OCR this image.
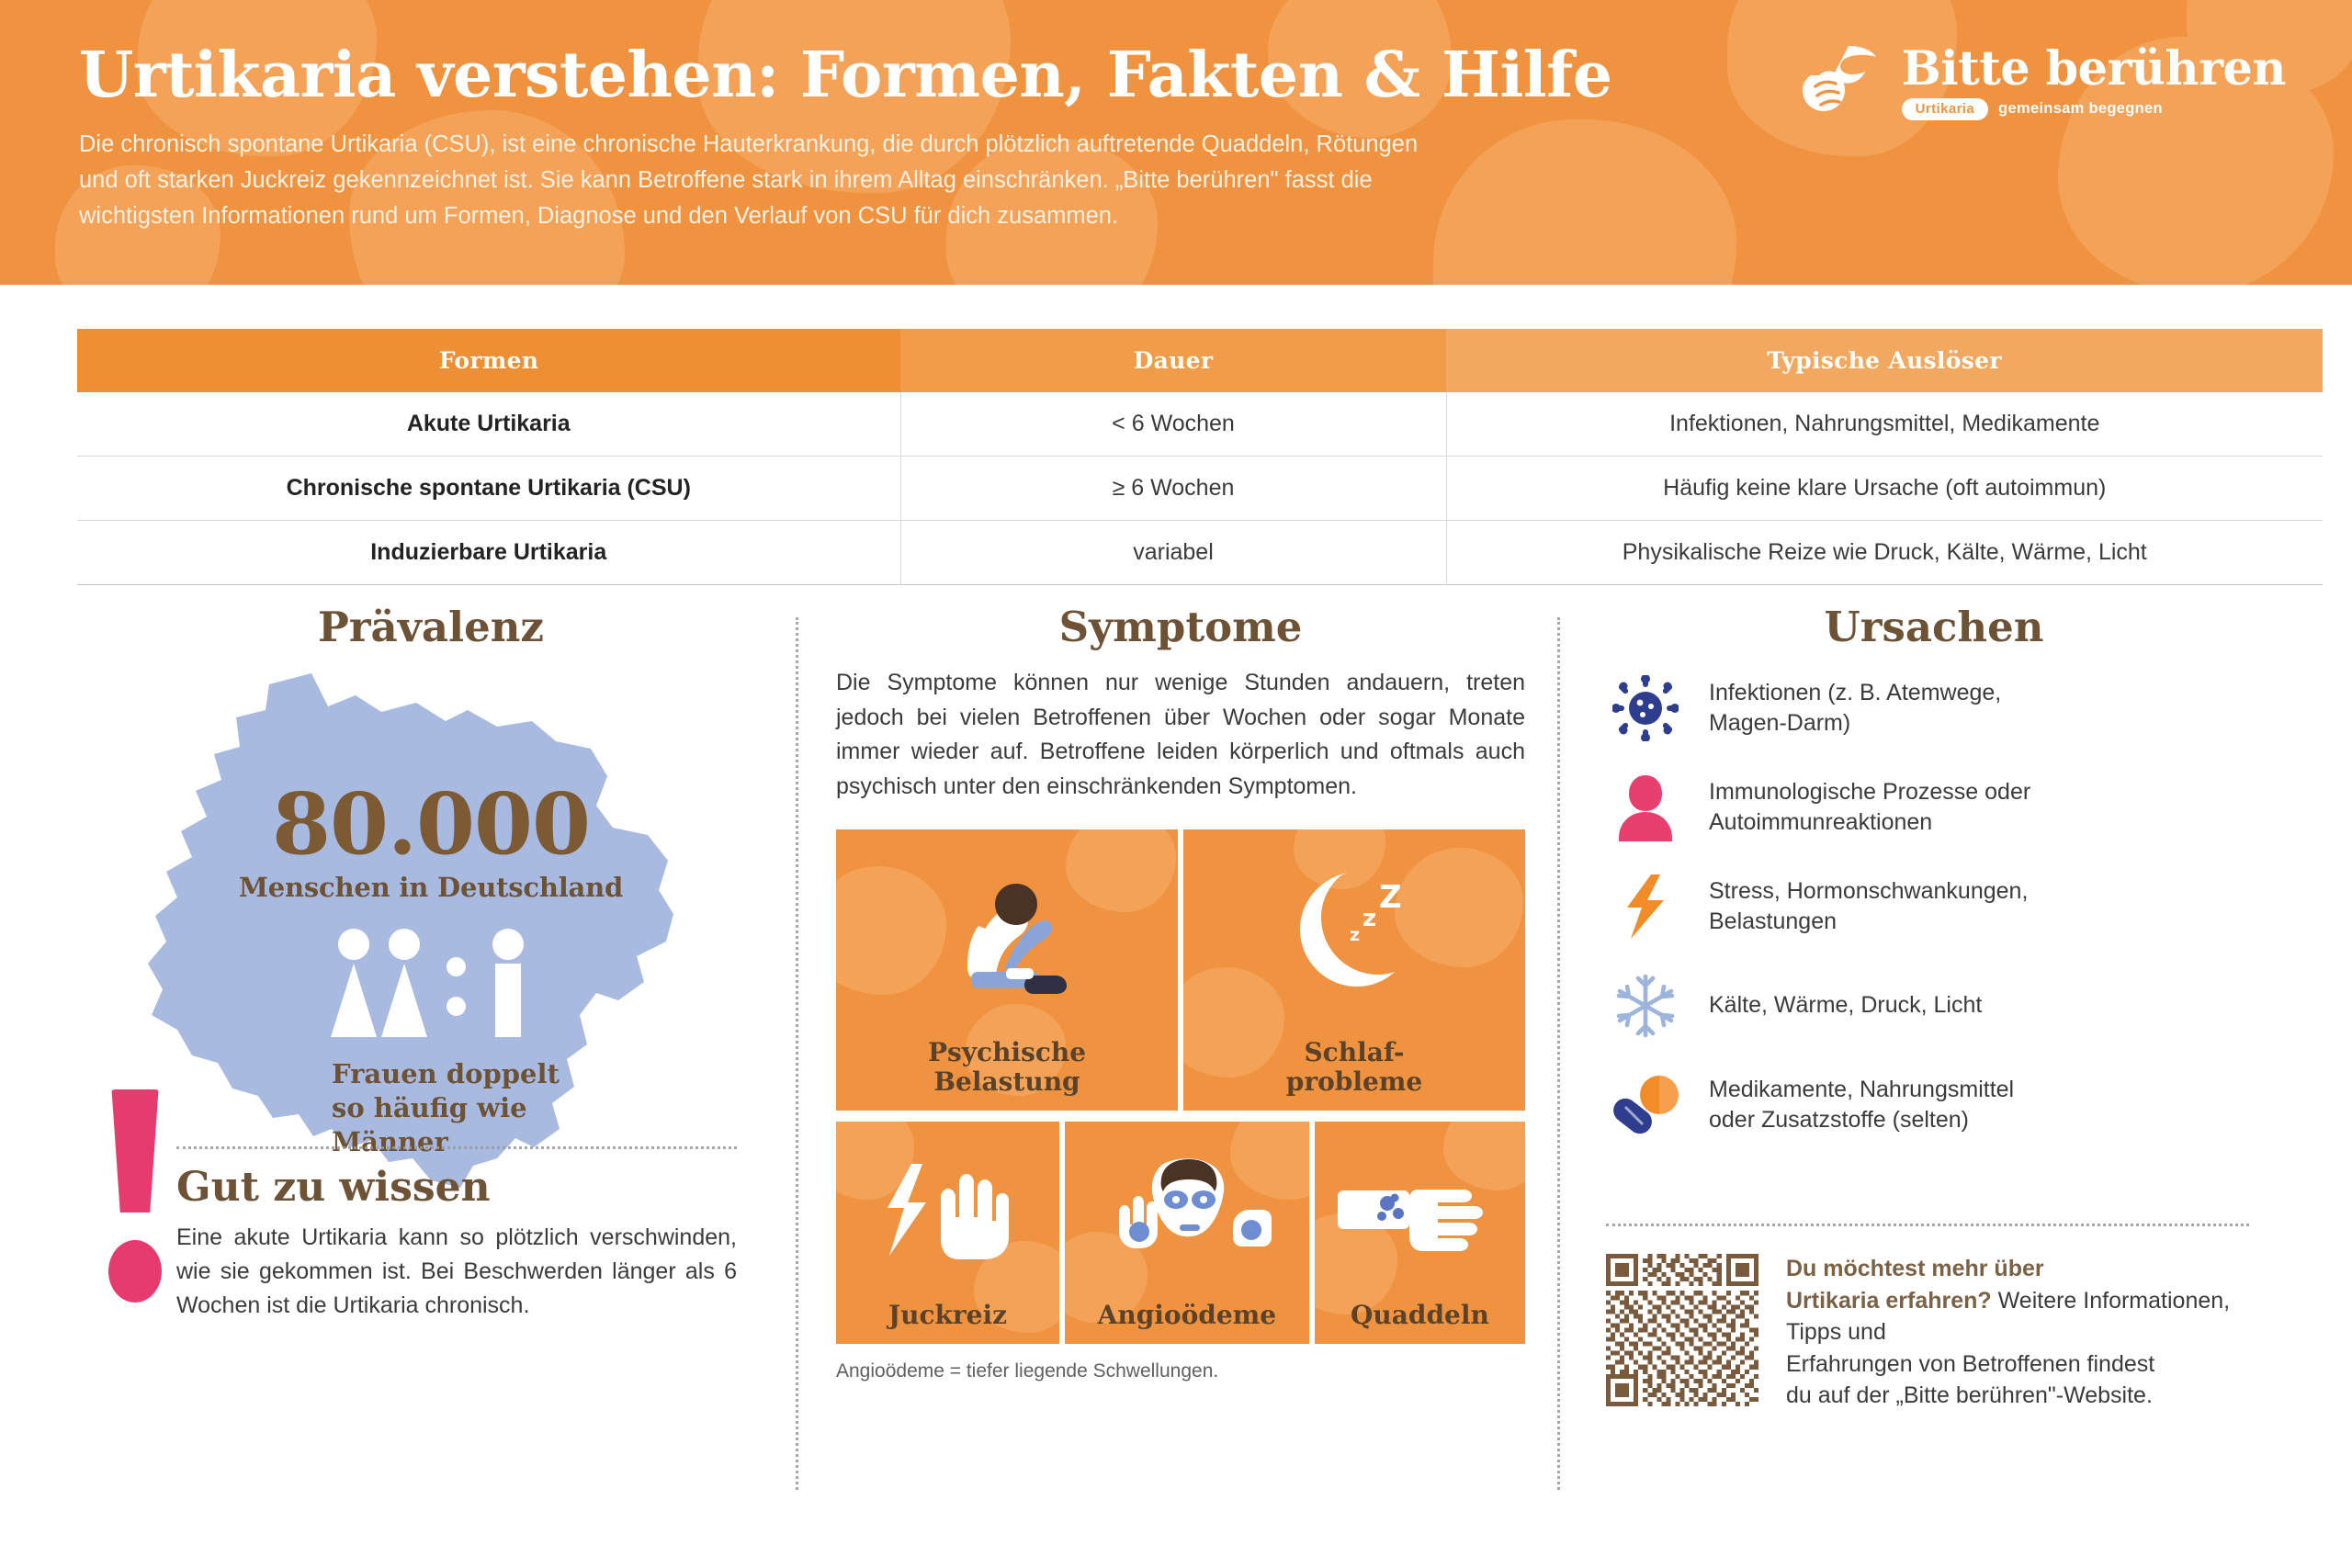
Urtikaria verstehen: Formen, Fakten & Hilfe

Die chronisch spontane Urtikaria (CSU), ist eine chronische Hauterkrankung, die durch plötzlich auftretende Quaddeln, Rötungen
und oft starken Juckreiz gekennzeichnet ist. Sie kann Betroffene stark in ihrem Alltag einschränken. „Bitte berühren" fasst die
wichtigsten Informationen rund um Formen, Diagnose und den Verlauf von CSU für dich zusammen.

Bitte berühren
Urtikaria	gemeinsam begegnen
Formen	Dauer	Typische Auslöser
Akute Urtikaria	< 6 Wochen	Infektionen, Nahrungsmittel, Medikamente
Chronische spontane Urtikaria (CSU)	≥ 6 Wochen	Häufig keine klare Ursache (oft autoimmun)
Induzierbare Urtikaria	variabel	Physikalische Reize wie Druck, Kälte, Wärme, Licht
Prävalenz
80.000
Menschen in Deutschland
Frauen doppelt
so häufig wie
Männer
Gut zu wissen
Eine akute Urtikaria kann so plötzlich verschwinden, wie sie gekommen ist. Bei Beschwerden länger als 6 Wochen ist die Urtikaria chronisch.
Symptome

Die Symptome können nur wenige Stunden andauern, treten jedoch bei vielen Betroffenen über Wochen oder sogar Monate immer wieder auf. Betroffene leiden körperlich und oftmals auch psychisch unter den einschränkenden Symptomen.

Psychische
Belastung
Z
z
z
Schlaf-
probleme
Juckreiz	Angioödeme	Quaddeln

Angioödeme = tiefer liegende Schwellungen.

Ursachen
Infektionen (z. B. Atemwege,
Magen-Darm)
Immunologische Prozesse oder
Autoimmunreaktionen
Stress, Hormonschwankungen,
Belastungen
Kälte, Wärme, Druck, Licht
Medikamente, Nahrungsmittel
oder Zusatzstoffe (selten)
Du möchtest mehr über
Urtikaria erfahren? Weitere Informationen, Tipps und
Erfahrungen von Betroffenen findest
du auf der „Bitte berühren"-Website.
